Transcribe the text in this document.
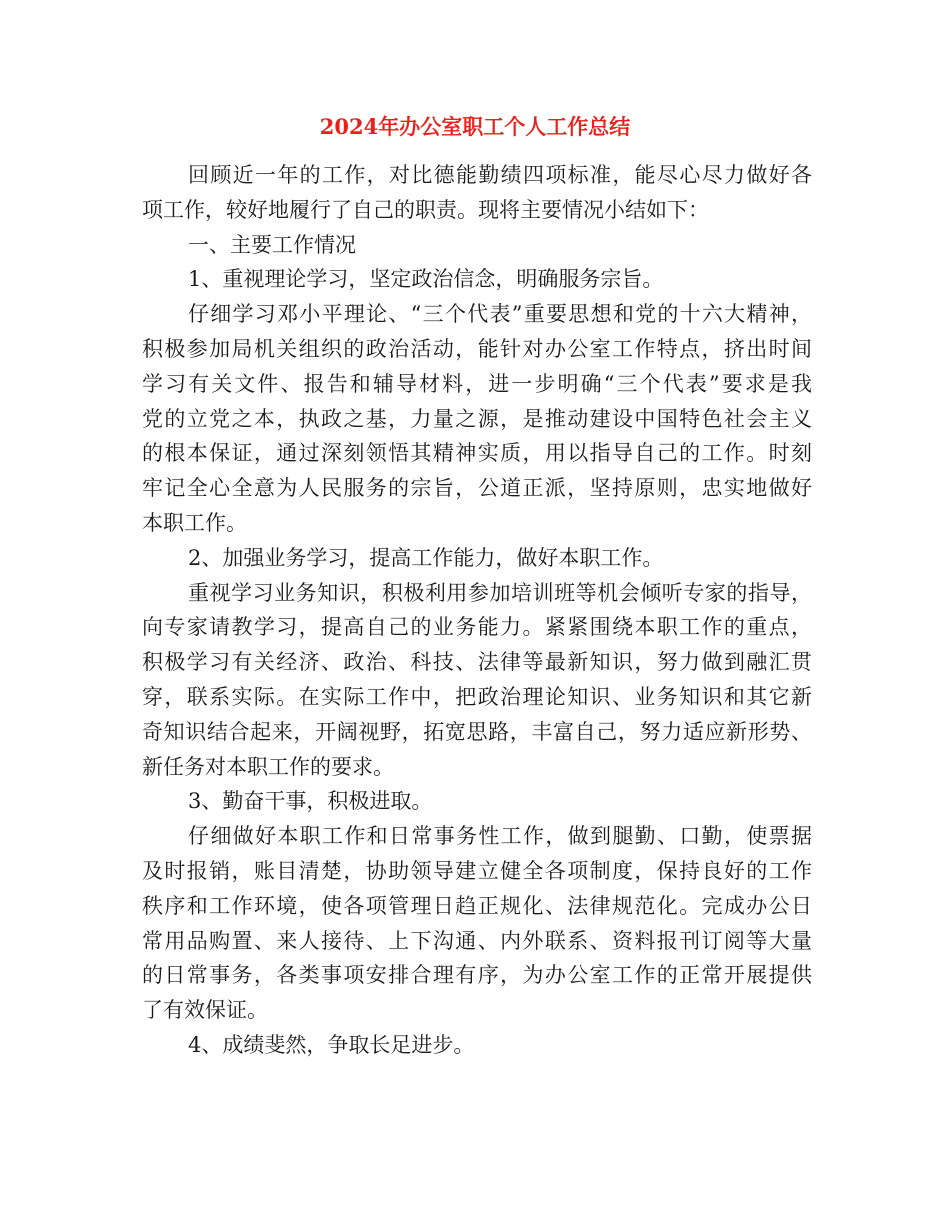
2024年办公室职工个人工作总结
回顾近一年的工作，对比德能勤绩四项标准，能尽心尽力做好各
项工作，较好地履行了自己的职责。现将主要情况小结如下：
一、主要工作情况
1、重视理论学习，坚定政治信念，明确服务宗旨。
仔细学习邓小平理论、“三个代表”重要思想和党的十六大精神，
积极参加局机关组织的政治活动，能针对办公室工作特点，挤出时间
学习有关文件、报告和辅导材料，进一步明确“三个代表”要求是我
党的立党之本，执政之基，力量之源，是推动建设中国特色社会主义
的根本保证，通过深刻领悟其精神实质，用以指导自己的工作。时刻
牢记全心全意为人民服务的宗旨，公道正派，坚持原则，忠实地做好
本职工作。
2、加强业务学习，提高工作能力，做好本职工作。
重视学习业务知识，积极利用参加培训班等机会倾听专家的指导，
向专家请教学习，提高自己的业务能力。紧紧围绕本职工作的重点，
积极学习有关经济、政治、科技、法律等最新知识，努力做到融汇贯
穿，联系实际。在实际工作中，把政治理论知识、业务知识和其它新
奇知识结合起来，开阔视野，拓宽思路，丰富自己，努力适应新形势、
新任务对本职工作的要求。
3、勤奋干事，积极进取。
仔细做好本职工作和日常事务性工作，做到腿勤、口勤，使票据
及时报销，账目清楚，协助领导建立健全各项制度，保持良好的工作
秩序和工作环境，使各项管理日趋正规化、法律规范化。完成办公日
常用品购置、来人接待、上下沟通、内外联系、资料报刊订阅等大量
的日常事务，各类事项安排合理有序，为办公室工作的正常开展提供
了有效保证。
4、成绩斐然，争取长足进步。
